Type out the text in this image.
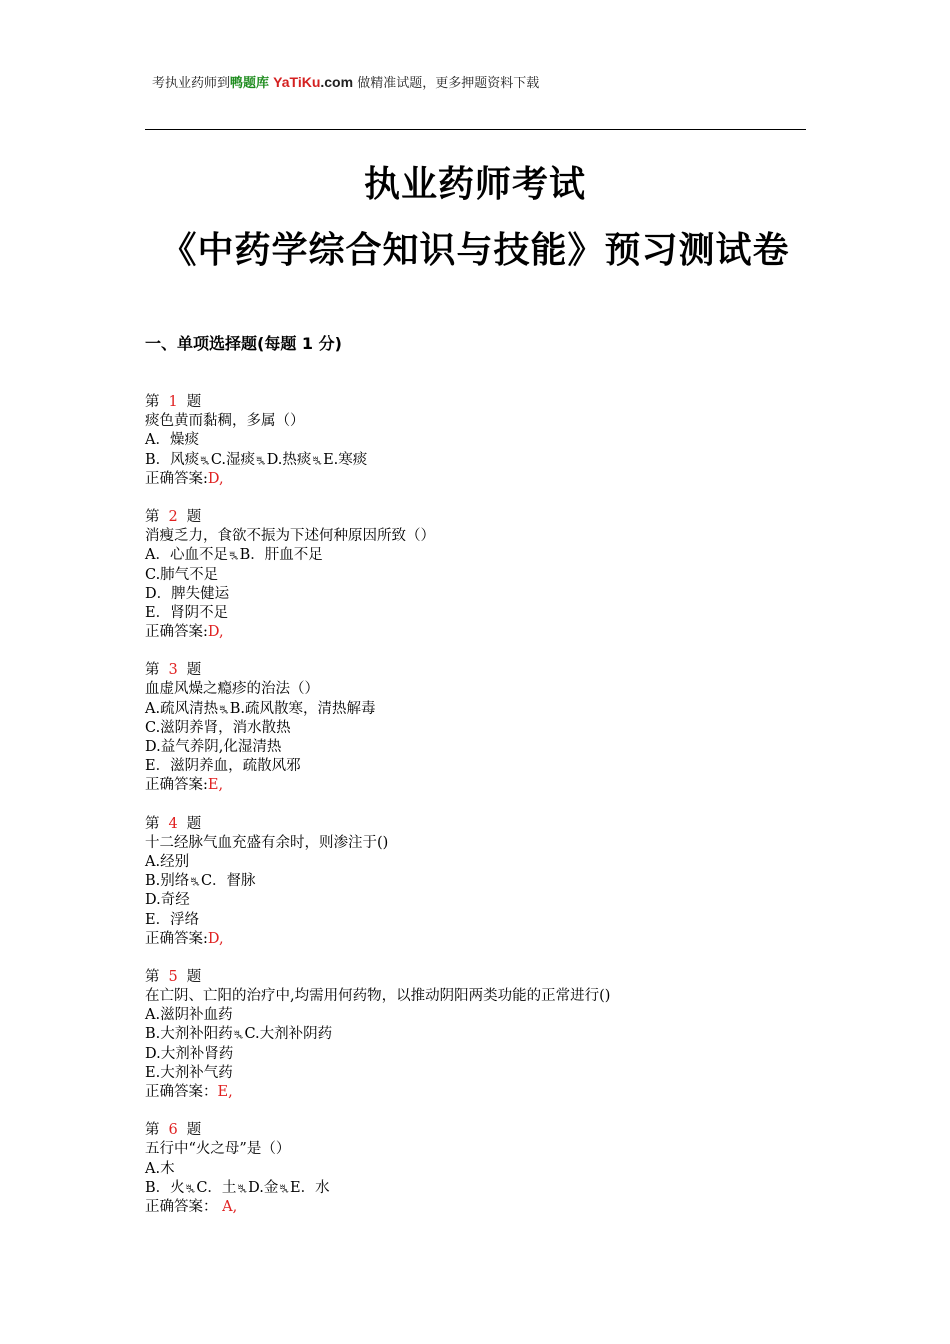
考执业药师到鸭题库 YaTiKu.com 做精准试题，更多押题资料下载
执业药师考试
《中药学综合知识与技能》预习测试卷
一、单项选择题(每题 1 分)
第 1 题
痰色黄而黏稠，多属（）
A．燥痰
B．风痰ꔩC.湿痰ꔩD.热痰ꔩE.寒痰
正确答案:D,
第 2 题
消瘦乏力，食欲不振为下述何种原因所致（）
A．心血不足ꔩB．肝血不足
C.肺气不足
D．脾失健运
E．肾阴不足
正确答案:D,
第 3 题
血虚风燥之瘾疹的治法（）
A.疏风清热ꔩB.疏风散寒，清热解毒
C.滋阴养肾，消水散热
D.益气养阴,化湿清热
E．滋阴养血，疏散风邪
正确答案:E,
第 4 题
十二经脉气血充盛有余时，则渗注于()
A.经别
B.别络ꔩC．督脉
D.奇经
E．浮络
正确答案:D,
第 5 题
在亡阴、亡阳的治疗中,均需用何药物，以推动阴阳两类功能的正常进行()
A.滋阴补血药
B.大剂补阳药ꔩC.大剂补阴药
D.大剂补肾药
E.大剂补气药
正确答案：E,
第 6 题
五行中“火之母”是（）
A.木
B．火ꔩC．土ꔩD.金ꔩE．水
正确答案： A,
